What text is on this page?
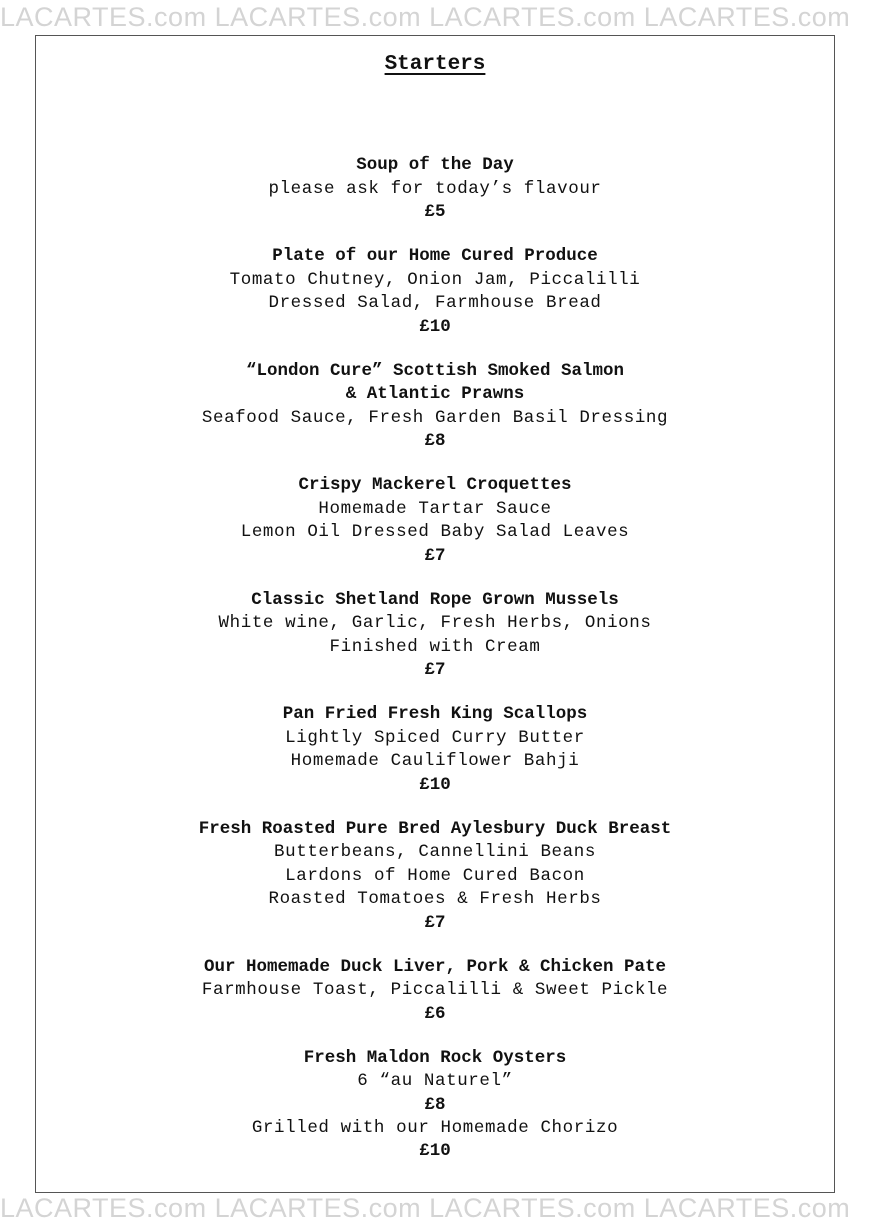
LACARTES.com LACARTES.com LACARTES.com LACARTES.com
Starters
Soup of the Day
please ask for today’s flavour
£5
Plate of our Home Cured Produce
Tomato Chutney, Onion Jam, Piccalilli
Dressed Salad, Farmhouse Bread
£10
“London Cure” Scottish Smoked Salmon
& Atlantic Prawns
Seafood Sauce, Fresh Garden Basil Dressing
£8
Crispy Mackerel Croquettes
Homemade Tartar Sauce
Lemon Oil Dressed Baby Salad Leaves
£7
Classic Shetland Rope Grown Mussels
White wine, Garlic, Fresh Herbs, Onions
Finished with Cream
£7
Pan Fried Fresh King Scallops
Lightly Spiced Curry Butter
Homemade Cauliflower Bahji
£10
Fresh Roasted Pure Bred Aylesbury Duck Breast
Butterbeans, Cannellini Beans
Lardons of Home Cured Bacon
Roasted Tomatoes & Fresh Herbs
£7
Our Homemade Duck Liver, Pork & Chicken Pate
Farmhouse Toast, Piccalilli & Sweet Pickle
£6
Fresh Maldon Rock Oysters
6 “au Naturel”
£8
Grilled with our Homemade Chorizo
£10
LACARTES.com LACARTES.com LACARTES.com LACARTES.com
